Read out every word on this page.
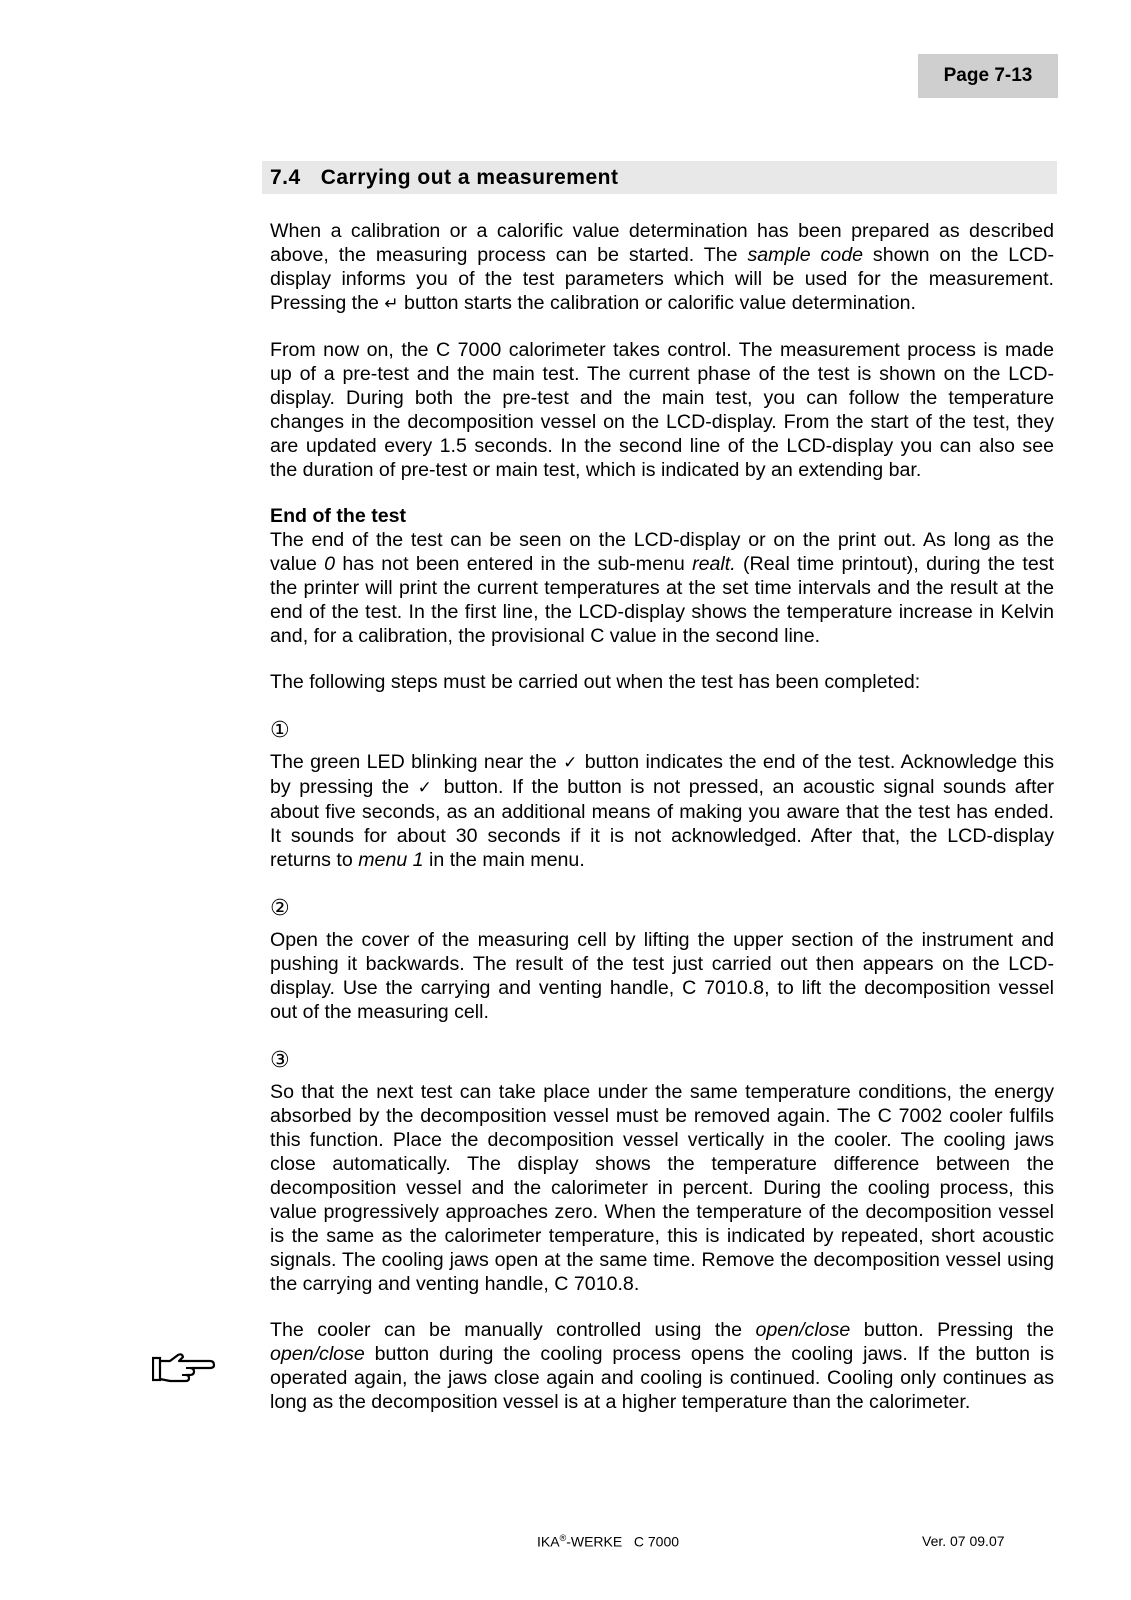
Page 7-13
7.4 Carrying out a measurement

When a calibration or a calorific value determination has been prepared as described above, the measuring process can be started. The sample code shown on the LCD-display informs you of the test parameters which will be used for the measurement. Pressing the ↵ button starts the calibration or calorific value determination.

From now on, the C 7000 calorimeter takes control. The measurement process is made up of a pre-test and the main test. The current phase of the test is shown on the LCD-display. During both the pre-test and the main test, you can follow the temperature changes in the decomposition vessel on the LCD-display. From the start of the test, they are updated every 1.5 seconds. In the second line of the LCD-display you can also see the duration of pre-test or main test, which is indicated by an extending bar.

End of the test

The end of the test can be seen on the LCD-display or on the print out. As long as the value 0 has not been entered in the sub-menu realt. (Real time printout), during the test the printer will print the current temperatures at the set time intervals and the result at the end of the test. In the first line, the LCD-display shows the temperature increase in Kelvin and, for a calibration, the provisional C value in the second line.

The following steps must be carried out when the test has been completed:

①

The green LED blinking near the ✓ button indicates the end of the test. Acknowledge this by pressing the ✓ button. If the button is not pressed, an acoustic signal sounds after about five seconds, as an additional means of making you aware that the test has ended. It sounds for about 30 seconds if it is not acknowledged. After that, the LCD-display returns to menu 1 in the main menu.

②

Open the cover of the measuring cell by lifting the upper section of the instrument and pushing it backwards. The result of the test just carried out then appears on the LCD-display. Use the carrying and venting handle, C 7010.8, to lift the decomposition vessel out of the measuring cell.

③

So that the next test can take place under the same temperature conditions, the energy absorbed by the decomposition vessel must be removed again. The C 7002 cooler fulfils this function. Place the decomposition vessel vertically in the cooler. The cooling jaws close automatically. The display shows the temperature difference between the decomposition vessel and the calorimeter in percent. During the cooling process, this value progressively approaches zero. When the temperature of the decomposition vessel is the same as the calorimeter temperature, this is indicated by repeated, short acoustic signals. The cooling jaws open at the same time. Remove the decomposition vessel using the carrying and venting handle, C 7010.8.

The cooler can be manually controlled using the open/close button. Pressing the open/close button during the cooling process opens the cooling jaws. If the button is operated again, the jaws close again and cooling is continued. Cooling only continues as long as the decomposition vessel is at a higher temperature than the calorimeter.

IKA®-WERKE   C 7000	Ver. 07 09.07
